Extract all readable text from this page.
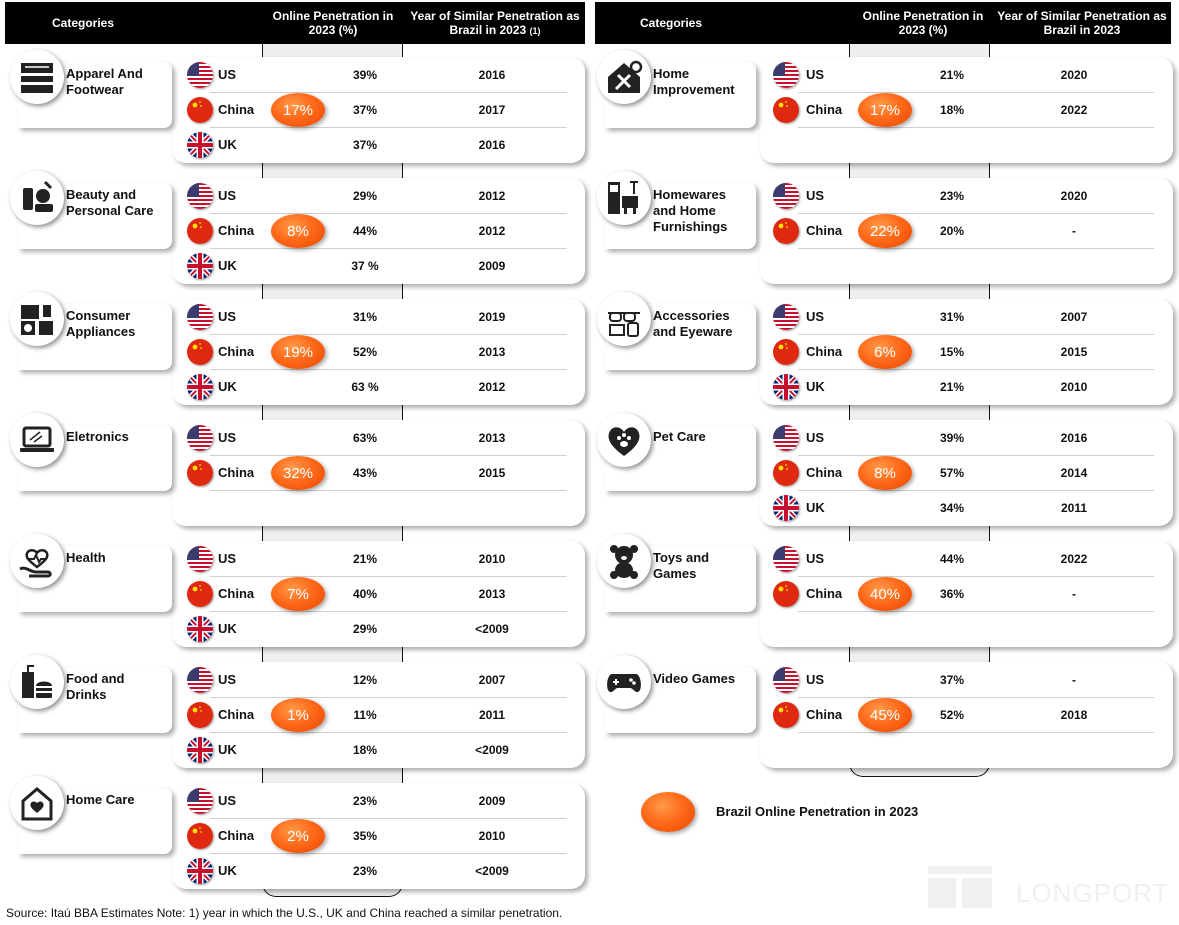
Categories	Online Penetration in 2023 (%)
Year of Similar Penetration as Brazil in 2023 (1)
Categories	Online Penetration in 2023 (%)
Year of Similar Penetration as Brazil in 2023
Apparel And Footwear
US	39%	2016
China	37%	2017
UK	37%	2016
17%
Beauty and Personal Care
US	29%	2012
China	44%	2012
UK	37 %	2009
8%
Consumer Appliances
US	31%	2019
China	52%	2013
UK	63 %	2012
19%
Eletronics	US	63%	2013
China	43%	2015
32%
Health	US	21%	2010
China	40%	2013
UK	29%	<2009
7%
Food and Drinks
US	12%	2007
China	11%	2011
UK	18%	<2009
1%
Home Care	US	23%	2009
China	35%	2010
UK	23%	<2009
2%
Home Improvement
US	21%	2020
China	18%	2022
17%
Homewares and Home Furnishings
US	23%	2020
China	20%	-
22%
Accessories and Eyeware
US	31%	2007
China	15%	2015
UK	21%	2010
6%
Pet Care	US	39%	2016
China	57%	2014
UK	34%	2011
8%
Toys and Games
US	44%	2022
China	36%	-
40%
Video Games	US	37%	-
China	52%	2018
45%
Brazil Online Penetration in 2023
Source: Itaú BBA Estimates Note: 1) year in which the U.S., UK and China reached a similar penetration.
LONGPORT
